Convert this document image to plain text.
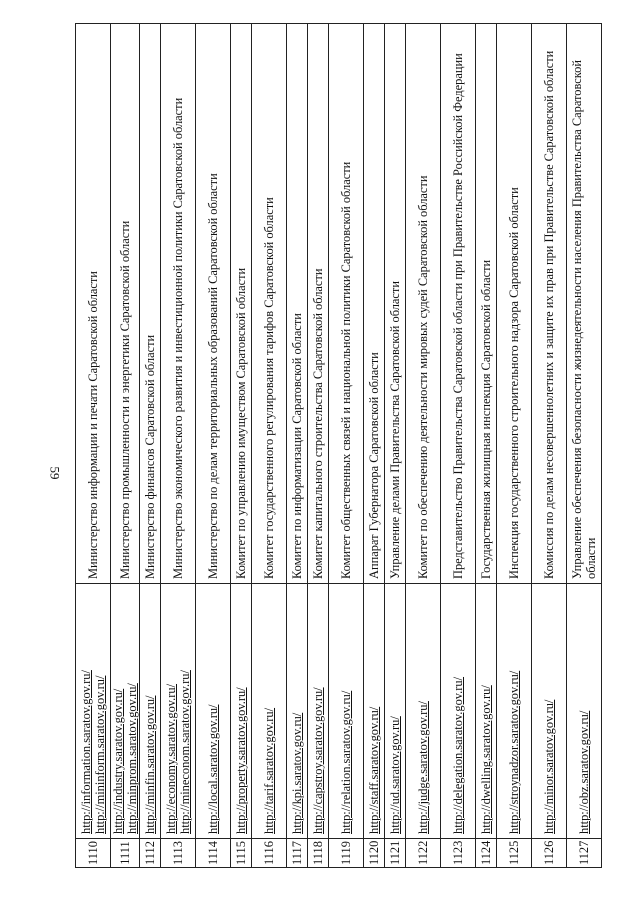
59
1110	http://information.saratov.gov.ru/ http://mininform.saratov.gov.ru/	Министерство информации и печати Саратовской области
1111	http://industry.saratov.gov.ru/ http://minprom.saratov.gov.ru/	Министерство промышленности и энергетики Саратовской области
1112	http://minfin.saratov.gov.ru/	Министерство финансов Саратовской области
1113	http://economy.saratov.gov.ru/ http://mineconom.saratov.gov.ru/	Министерство экономического развития и инвестиционной политики Саратовской области
1114	http://local.saratov.gov.ru/	Министерство по делам территориальных образований Саратовской области
1115	http://property.saratov.gov.ru/	Комитет по управлению имуществом Саратовской области
1116	http://tarif.saratov.gov.ru/	Комитет государственного регулирования тарифов Саратовской области
1117	http://kpi.saratov.gov.ru/	Комитет по информатизации Саратовской области
1118	http://capstroy.saratov.gov.ru/	Комитет капитального строительства Саратовской области
1119	http://relation.saratov.gov.ru/	Комитет общественных связей и национальной политики Саратовской области
1120	http://staff.saratov.gov.ru/	Аппарат Губернатора Саратовской области
1121	http://ud.saratov.gov.ru/	Управление делами Правительства Саратовской области
1122	http://judge.saratov.gov.ru/	Комитет по обеспечению деятельности мировых судей Саратовской области
1123	http://delegation.saratov.gov.ru/	Представительство Правительства Саратовской области при Правительстве Российской Федерации
1124	http://dwelling.saratov.gov.ru/	Государственная жилищная инспекция Саратовской области
1125	http://stroynadzor.saratov.gov.ru/	Инспекция государственного строительного надзора Саратовской области
1126	http://minor.saratov.gov.ru/	Комиссия по делам несовершеннолетних и защите их прав при Правительстве Саратовской области
1127	http://obz.saratov.gov.ru/	Управление обеспечения безопасности жизнедеятельности населения Правительства Саратовской области
